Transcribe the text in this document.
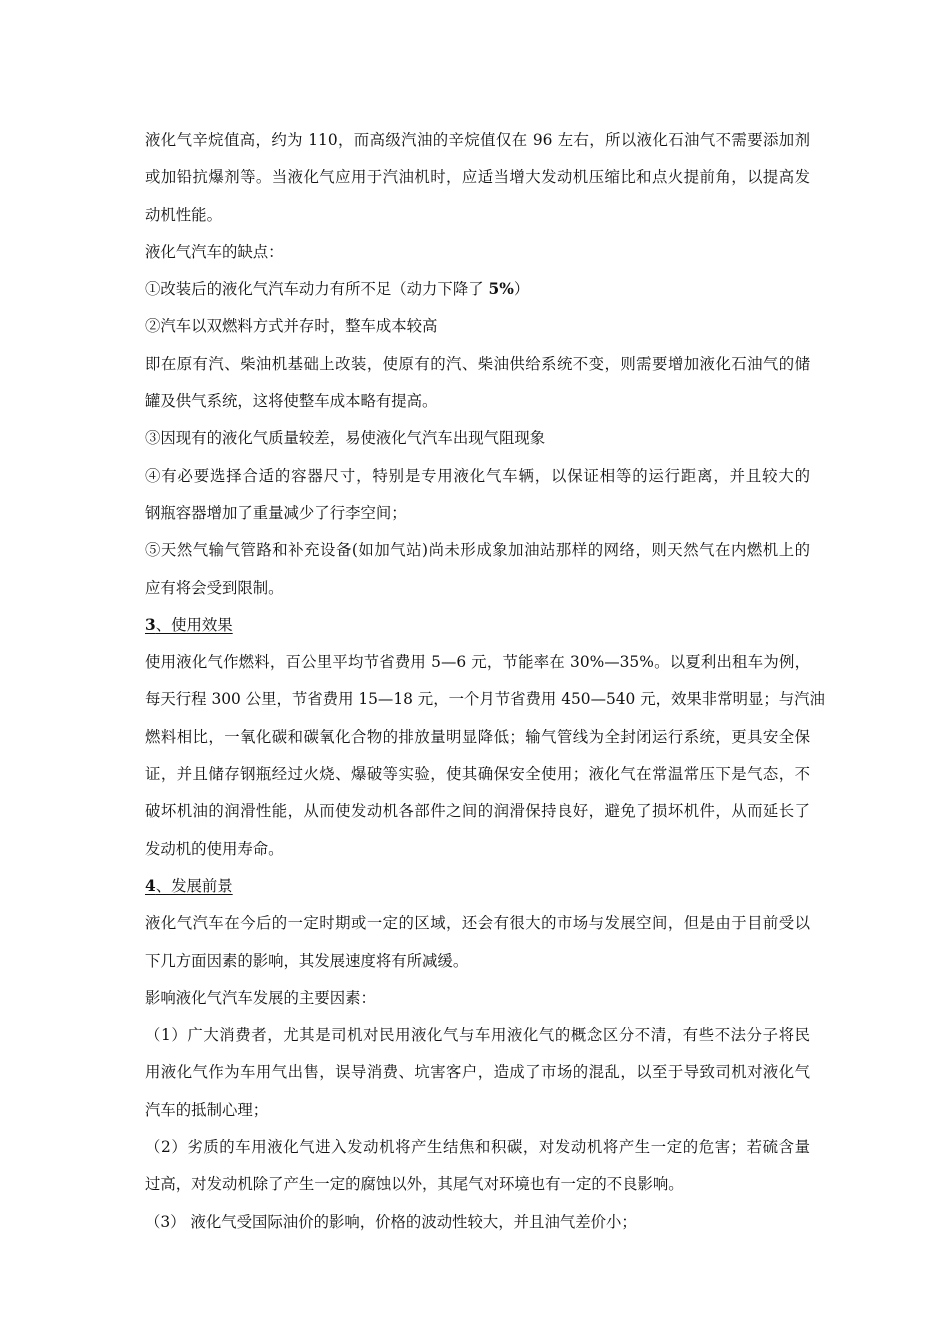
液化气辛烷值高，约为 110，而高级汽油的辛烷值仅在 96 左右，所以液化石油气不需要添加剂
或加铅抗爆剂等。当液化气应用于汽油机时，应适当增大发动机压缩比和点火提前角，以提高发
动机性能。
液化气汽车的缺点：
①改装后的液化气汽车动力有所不足（动力下降了 5%）
②汽车以双燃料方式并存时，整车成本较高
即在原有汽、柴油机基础上改装，使原有的汽、柴油供给系统不变，则需要增加液化石油气的储
罐及供气系统，这将使整车成本略有提高。
③因现有的液化气质量较差，易使液化气汽车出现气阻现象
④有必要选择合适的容器尺寸，特别是专用液化气车辆，以保证相等的运行距离，并且较大的
钢瓶容器增加了重量减少了行李空间；
⑤天然气输气管路和补充设备(如加气站)尚未形成象加油站那样的网络，则天然气在内燃机上的
应有将会受到限制。
3、使用效果
使用液化气作燃料，百公里平均节省费用 5—6 元，节能率在 30%—35%。以夏利出租车为例，
每天行程 300 公里，节省费用 15—18 元，一个月节省费用 450—540 元，效果非常明显；与汽油
燃料相比，一氧化碳和碳氧化合物的排放量明显降低；输气管线为全封闭运行系统，更具安全保
证，并且储存钢瓶经过火烧、爆破等实验，使其确保安全使用；液化气在常温常压下是气态，不
破坏机油的润滑性能，从而使发动机各部件之间的润滑保持良好，避免了损坏机件，从而延长了
发动机的使用寿命。
4、发展前景
液化气汽车在今后的一定时期或一定的区域，还会有很大的市场与发展空间，但是由于目前受以
下几方面因素的影响，其发展速度将有所减缓。
影响液化气汽车发展的主要因素：
（1）广大消费者，尤其是司机对民用液化气与车用液化气的概念区分不清，有些不法分子将民
用液化气作为车用气出售，误导消费、坑害客户，造成了市场的混乱，以至于导致司机对液化气
汽车的抵制心理；
（2）劣质的车用液化气进入发动机将产生结焦和积碳，对发动机将产生一定的危害；若硫含量
过高，对发动机除了产生一定的腐蚀以外，其尾气对环境也有一定的不良影响。
（3） 液化气受国际油价的影响，价格的波动性较大，并且油气差价小；
